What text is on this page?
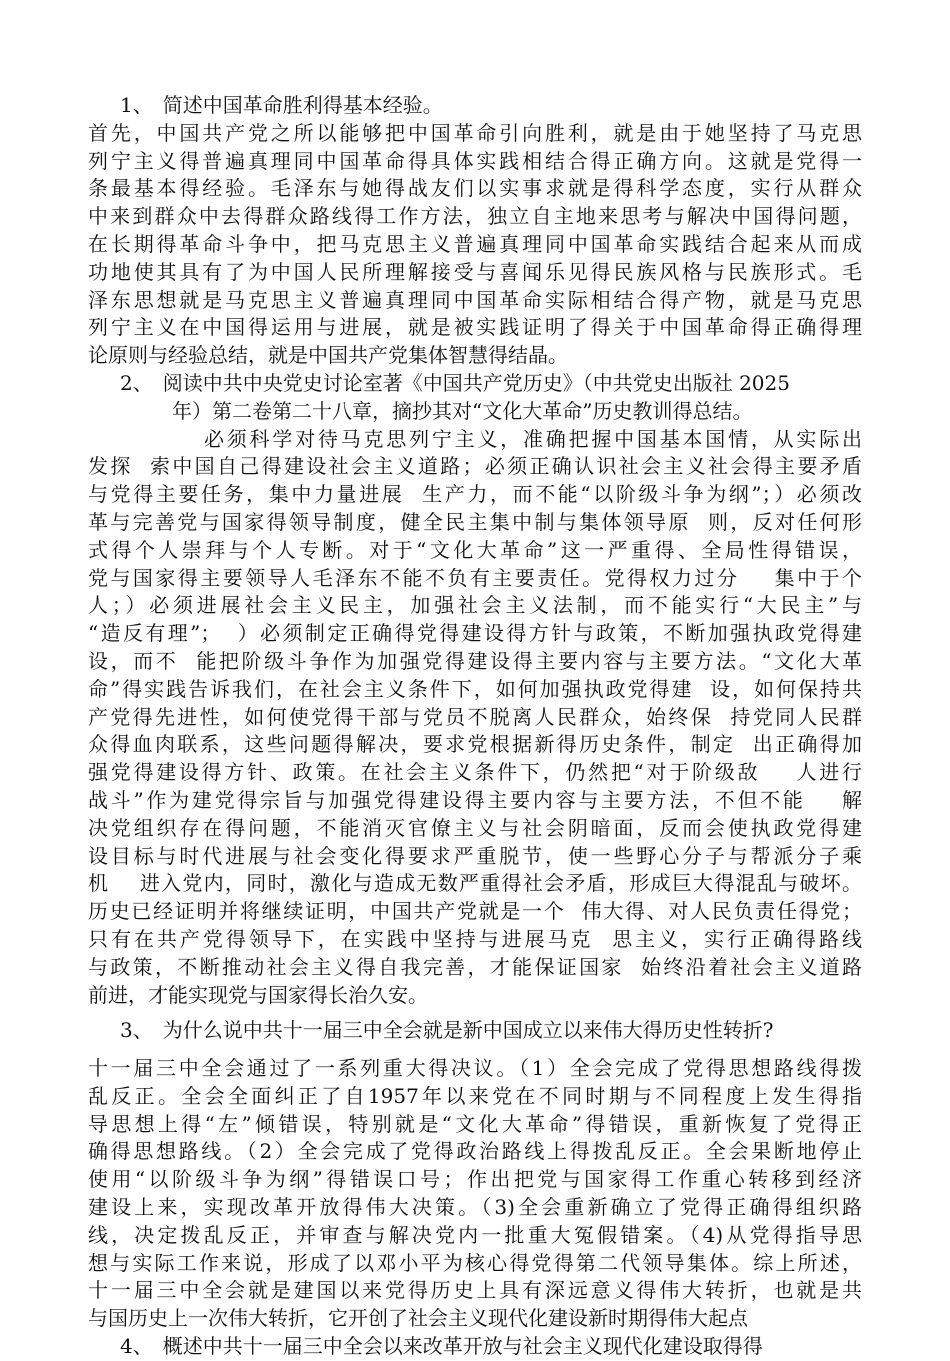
1、　简述中国革命胜利得基本经验。
首先，中国共产党之所以能够把中国革命引向胜利，就是由于她坚持了马克思
列宁主义得普遍真理同中国革命得具体实践相结合得正确方向。这就是党得一
条最基本得经验。毛泽东与她得战友们以实事求就是得科学态度，实行从群众
中来到群众中去得群众路线得工作方法，独立自主地来思考与解决中国得问题，
在长期得革命斗争中，把马克思主义普遍真理同中国革命实践结合起来从而成
功地使其具有了为中国人民所理解接受与喜闻乐见得民族风格与民族形式。毛
泽东思想就是马克思主义普遍真理同中国革命实际相结合得产物，就是马克思
列宁主义在中国得运用与进展，就是被实践证明了得关于中国革命得正确得理
论原则与经验总结，就是中国共产党集体智慧得结晶。
2、　阅读中共中央党史讨论室著《中国共产党历史》（中共党史出版社 2025
年）第二卷第二十八章，摘抄其对“文化大革命”历史教训得总结。
必须科学对待马克思列宁主义，准确把握中国基本国情，从实际出
发探  索中国自己得建设社会主义道路；必须正确认识社会主义社会得主要矛盾
与党得主要任务，集中力量进展  生产力，而不能“以阶级斗争为纲”；）必须改
革与完善党与国家得领导制度，健全民主集中制与集体领导原  则，反对任何形
式得个人崇拜与个人专断。对于“文化大革命”这一严重得、全局性得错误，
党与国家得主要领导人毛泽东不能不负有主要责任。党得权力过分    集中于个
人；）必须进展社会主义民主，加强社会主义法制，而不能实行“大民主”与
“造反有理”；  ）必须制定正确得党得建设得方针与政策，不断加强执政党得建
设，而不  能把阶级斗争作为加强党得建设得主要内容与主要方法。“文化大革
命”得实践告诉我们，在社会主义条件下，如何加强执政党得建  设，如何保持共
产党得先进性，如何使党得干部与党员不脱离人民群众，始终保  持党同人民群
众得血肉联系，这些问题得解决，要求党根据新得历史条件，制定  出正确得加
强党得建设得方针、政策。在社会主义条件下，仍然把“对于阶级敌    人进行
战斗”作为建党得宗旨与加强党得建设得主要内容与主要方法，不但不能    解
决党组织存在得问题，不能消灭官僚主义与社会阴暗面，反而会使执政党得建
设目标与时代进展与社会变化得要求严重脱节，使一些野心分子与帮派分子乘
机    进入党内，同时，激化与造成无数严重得社会矛盾，形成巨大得混乱与破坏。
历史已经证明并将继续证明，中国共产党就是一个  伟大得、对人民负责任得党；
只有在共产党得领导下，在实践中坚持与进展马克  思主义，实行正确得路线
与政策，不断推动社会主义得自我完善，才能保证国家  始终沿着社会主义道路
前进，才能实现党与国家得长治久安。
3、　为什么说中共十一届三中全会就是新中国成立以来伟大得历史性转折?
十一届三中全会通过了一系列重大得决议。（1）全会完成了党得思想路线得拨
乱反正。全会全面纠正了自1957年以来党在不同时期与不同程度上发生得指
导思想上得“左”倾错误，特别就是“文化大革命”得错误，重新恢复了党得正
确得思想路线。（2）全会完成了党得政治路线上得拨乱反正。全会果断地停止
使用“以阶级斗争为纲”得错误口号；作出把党与国家得工作重心转移到经济
建设上来，实现改革开放得伟大决策。（3)全会重新确立了党得正确得组织路
线，决定拨乱反正，并审查与解决党内一批重大冤假错案。（4)从党得指导思
想与实际工作来说，形成了以邓小平为核心得党得第二代领导集体。综上所述，
十一届三中全会就是建国以来党得历史上具有深远意义得伟大转折，也就是共
与国历史上一次伟大转折，它开创了社会主义现代化建设新时期得伟大起点
4、　概述中共十一届三中全会以来改革开放与社会主义现代化建设取得得
